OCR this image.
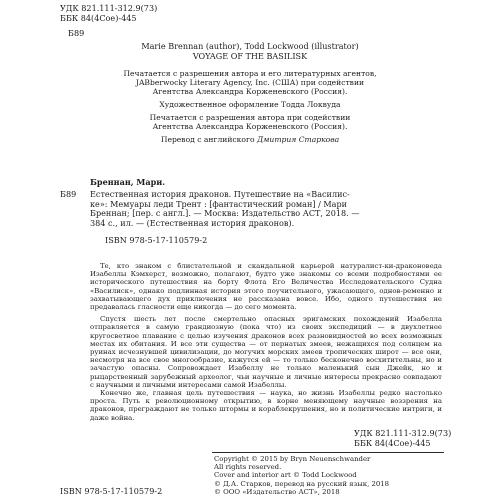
УДК 821.111-312.9(73)
ББК 84(4Сое)-445
Б89
Marie Brennan (author), Todd Lockwood (illustrator)
VOYAGE OF THE BASILISK
Печатается с разрешения автора и его литературных агентов,
JABberwocky Literary Agency, Inc. (США) при содействии
Агентства Александра Корженевского (Россия).
Художественное оформление Тодда Локвуда
Печатается с разрешения автора при содействии
Агентства Александра Корженевского (Россия).
Перевод с английского Дмитрия Старкова
Бреннан, Мари.
Б89 Естественная история драконов. Путешествие на «Василис-
ке»: Мемуары леди Трент : [фантастический роман] / Мари
Бреннан; [пер. с англ.]. — Москва: Издательство АСТ, 2018. —
384 с., ил. — (Естественная история драконов).
ISBN 978-5-17-110579-2

Те, кто знаком с блистательной и скандальной карьерой натуралист-ки-драконоведа Изабеллы Кэмхерст, возможно, полагают, будто уже знакомы со всеми подробностями ее исторического путешествия на борту Флота Его Величества Исследовательского Судна «Василиск», однако подлинная история этого поучительного, ужасающего, однов-ременно и захватывающего дух приключения не рассказана вовсе. Ибо, одного путешествия не предавалась гласности еще никогда — до сего момента.

Спустя шесть лет после смертельно опасных эригамских похождений Изабелла отправляется в самую грандиозную (пока что) из своих экспедиций — в двухлетнее кругосветное плавание с целью изучения драконов всех разновидностей во всех возможных местах их обитания. И все эти существа — от пернатых змеев, нежащихся под солнцем на руинах исчезнувшей цивилизации, до могучих морских змеев тропических широт — все они, несмотря на все свое многообразие, кажутся ей — то только бесконечно восхитительны, но и зачастую опасны. Сопровождает Изабеллу не только маленький сын Джейк, но и рыцарственный зарубежный археолог, чьи научные и личные интересы прекрасно совпадают с научными и личными интересами самой Изабеллы.

Конечно же, главная цель путешествия — наука, но жизнь Изабеллы редко настолько проста. Путь к революционному открытию, в корне меняющему научные воззрения на драконов, преграждают не только штормы и кораблекрушения, но и политические интриги, и даже война.

УДК 821.111-312.9(73)
ББК 84(4Сое)-445
Copyright © 2015 by Bryn Neuenschwander
All rights reserved.
Cover and interior art © Todd Lockwood
© Д.А. Старков, перевод на русский язык, 2018
© ООО «Издательство АСТ», 2018
ISBN 978-5-17-110579-2
